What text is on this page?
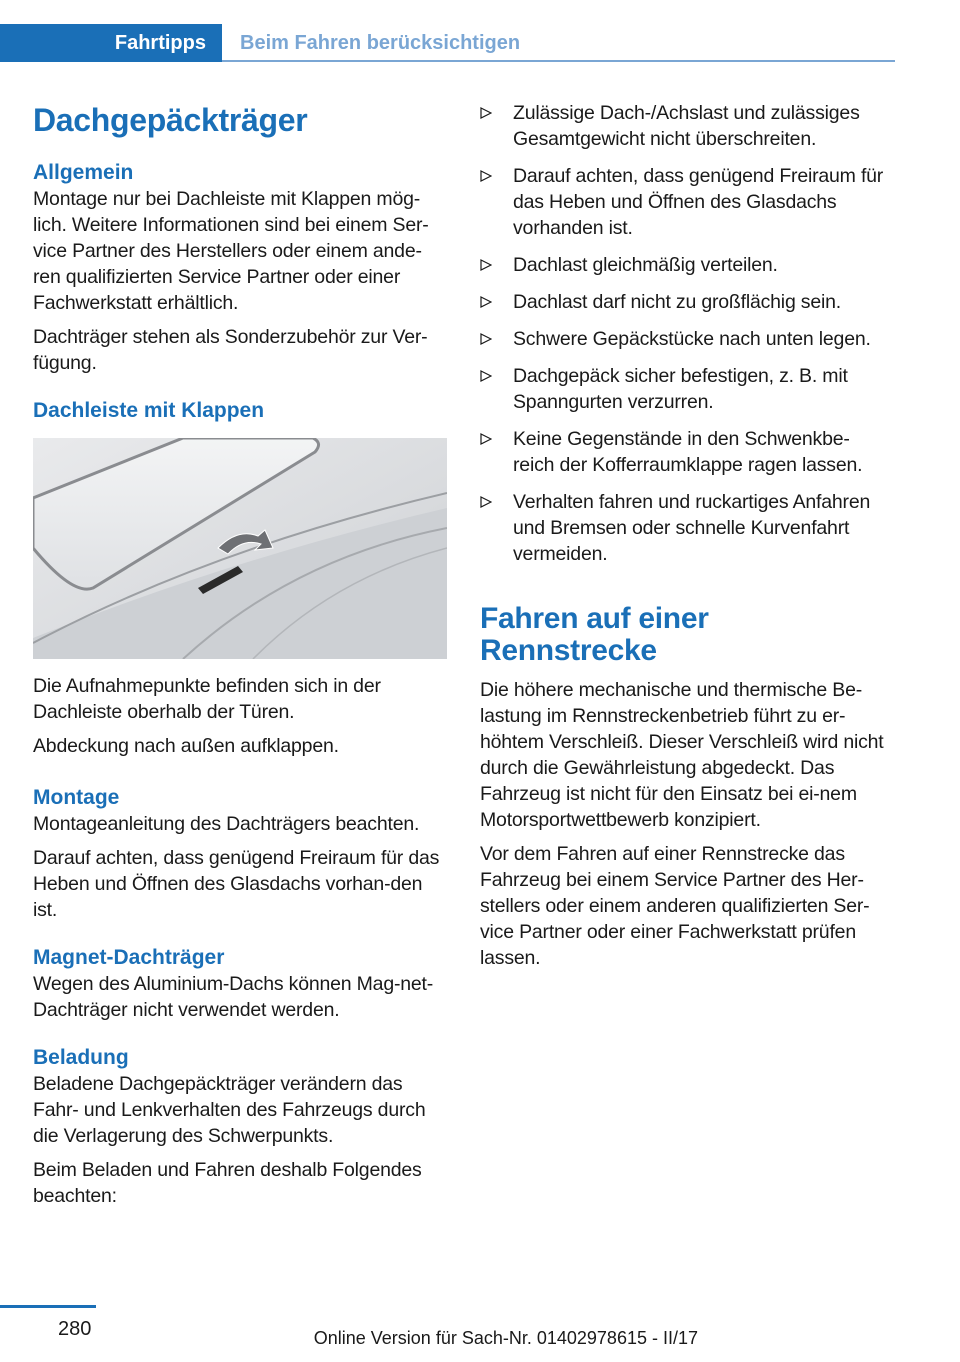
Fahrtipps	Beim Fahren berücksichtigen
Dachgepäckträger
Allgemein

Montage nur bei Dachleiste mit Klappen mög‐lich. Weitere Informationen sind bei einem Ser‐vice Partner des Herstellers oder einem ande‐ren qualifizierten Service Partner oder einer Fachwerkstatt erhältlich.

Dachträger stehen als Sonderzubehör zur Ver‐fügung.

Dachleiste mit Klappen

Die Aufnahmepunkte befinden sich in der Dachleiste oberhalb der Türen.

Abdeckung nach außen aufklappen.

Montage

Montageanleitung des Dachträgers beachten.

Darauf achten, dass genügend Freiraum für das Heben und Öffnen des Glasdachs vorhan‐den ist.

Magnet-Dachträger

Wegen des Aluminium-Dachs können Mag‐net-Dachträger nicht verwendet werden.

Beladung

Beladene Dachgepäckträger verändern das Fahr- und Lenkverhalten des Fahrzeugs durch die Verlagerung des Schwerpunkts.

Beim Beladen und Fahren deshalb Folgendes beachten:

Zulässige Dach-/Achslast und zulässiges Gesamtgewicht nicht überschreiten.
Darauf achten, dass genügend Freiraum für das Heben und Öffnen des Glasdachs vorhanden ist.
Dachlast gleichmäßig verteilen.
Dachlast darf nicht zu großflächig sein.
Schwere Gepäckstücke nach unten legen.
Dachgepäck sicher befestigen, z. B. mit Spanngurten verzurren.
Keine Gegenstände in den Schwenkbe‐reich der Kofferraumklappe ragen lassen.
Verhalten fahren und ruckartiges Anfahren und Bremsen oder schnelle Kurvenfahrt vermeiden.
Fahren auf einer Rennstrecke

Die höhere mechanische und thermische Be‐lastung im Rennstreckenbetrieb führt zu er‐höhtem Verschleiß. Dieser Verschleiß wird nicht durch die Gewährleistung abgedeckt. Das Fahrzeug ist nicht für den Einsatz bei ei‐nem Motorsportwettbewerb konzipiert.

Vor dem Fahren auf einer Rennstrecke das Fahrzeug bei einem Service Partner des Her‐stellers oder einem anderen qualifizierten Ser‐vice Partner oder einer Fachwerkstatt prüfen lassen.

280	Online Version für Sach-Nr. 01402978615 - II/17
